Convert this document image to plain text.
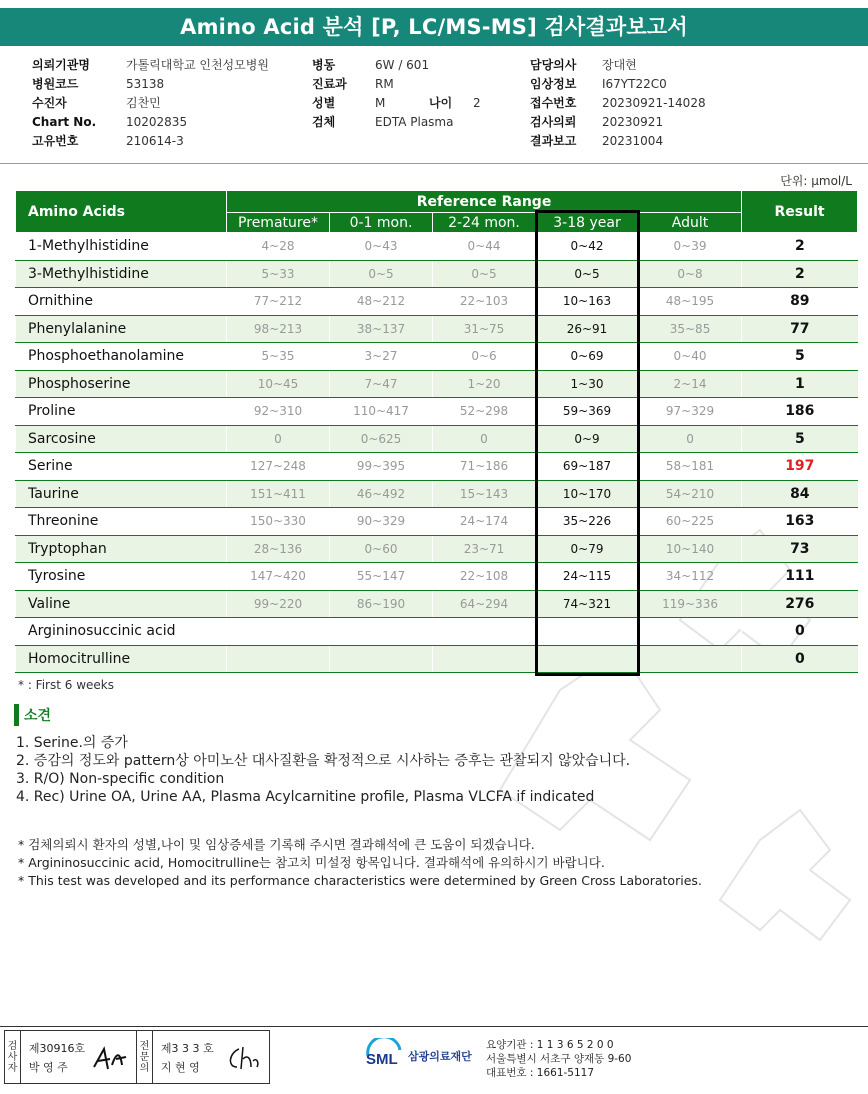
Amino Acid 분석 [P, LC/MS-MS] 검사결과보고서
의뢰기관명	가톨릭대학교 인천성모병원
병원코드	53138
수진자	김찬민
Chart No.	10202835
고유번호	210614-3
병동	6W / 601
진료과	RM
성별	M	나이	2
검체	EDTA Plasma
담당의사	장대현
임상정보	I67YT22C0
접수번호	20230921-14028
검사의뢰	20230921
결과보고	20231004
단위: μmol/L
Amino Acids	Reference Range					Result
	Premature*	0-1 mon.	2-24 mon.	3-18 year	Adult	
1-Methylhistidine	4~28	0~43	0~44	0~42	0~39	2
3-Methylhistidine	5~33	0~5	0~5	0~5	0~8	2
Ornithine	77~212	48~212	22~103	10~163	48~195	89
Phenylalanine	98~213	38~137	31~75	26~91	35~85	77
Phosphoethanolamine	5~35	3~27	0~6	0~69	0~40	5
Phosphoserine	10~45	7~47	1~20	1~30	2~14	1
Proline	92~310	110~417	52~298	59~369	97~329	186
Sarcosine	0	0~625	0	0~9	0	5
Serine	127~248	99~395	71~186	69~187	58~181	197
Taurine	151~411	46~492	15~143	10~170	54~210	84
Threonine	150~330	90~329	24~174	35~226	60~225	163
Tryptophan	28~136	0~60	23~71	0~79	10~140	73
Tyrosine	147~420	55~147	22~108	24~115	34~112	111
Valine	99~220	86~190	64~294	74~321	119~336	276
Argininosuccinic acid						0
Homocitrulline						0
* : First 6 weeks
소견
1. Serine.의 증가
2. 증감의 정도와 pattern상 아미노산 대사질환을 확정적으로 시사하는 증후는 관찰되지 않았습니다.
3. R/O) Non-specific condition
4. Rec) Urine OA, Urine AA, Plasma Acylcarnitine profile, Plasma VLCFA if indicated
* 검체의뢰시 환자의 성별,나이 및 임상증세를 기록해 주시면 결과해석에 큰 도움이 되겠습니다.
* Argininosuccinic acid, Homocitrulline는 참고치 미설정 항목입니다. 결과해석에 유의하시기 바랍니다.
* This test was developed and its performance characteristics were determined by Green Cross Laboratories.
검
사
자
제30916호
박 영 주
전
문
의
제3 3 3 호
지 현 영	SML 삼광의료재단
요양기관 : 1 1 3 6 5 2 0 0
서울특별시 서초구 양재동 9-60
대표번호 : 1661-5117
